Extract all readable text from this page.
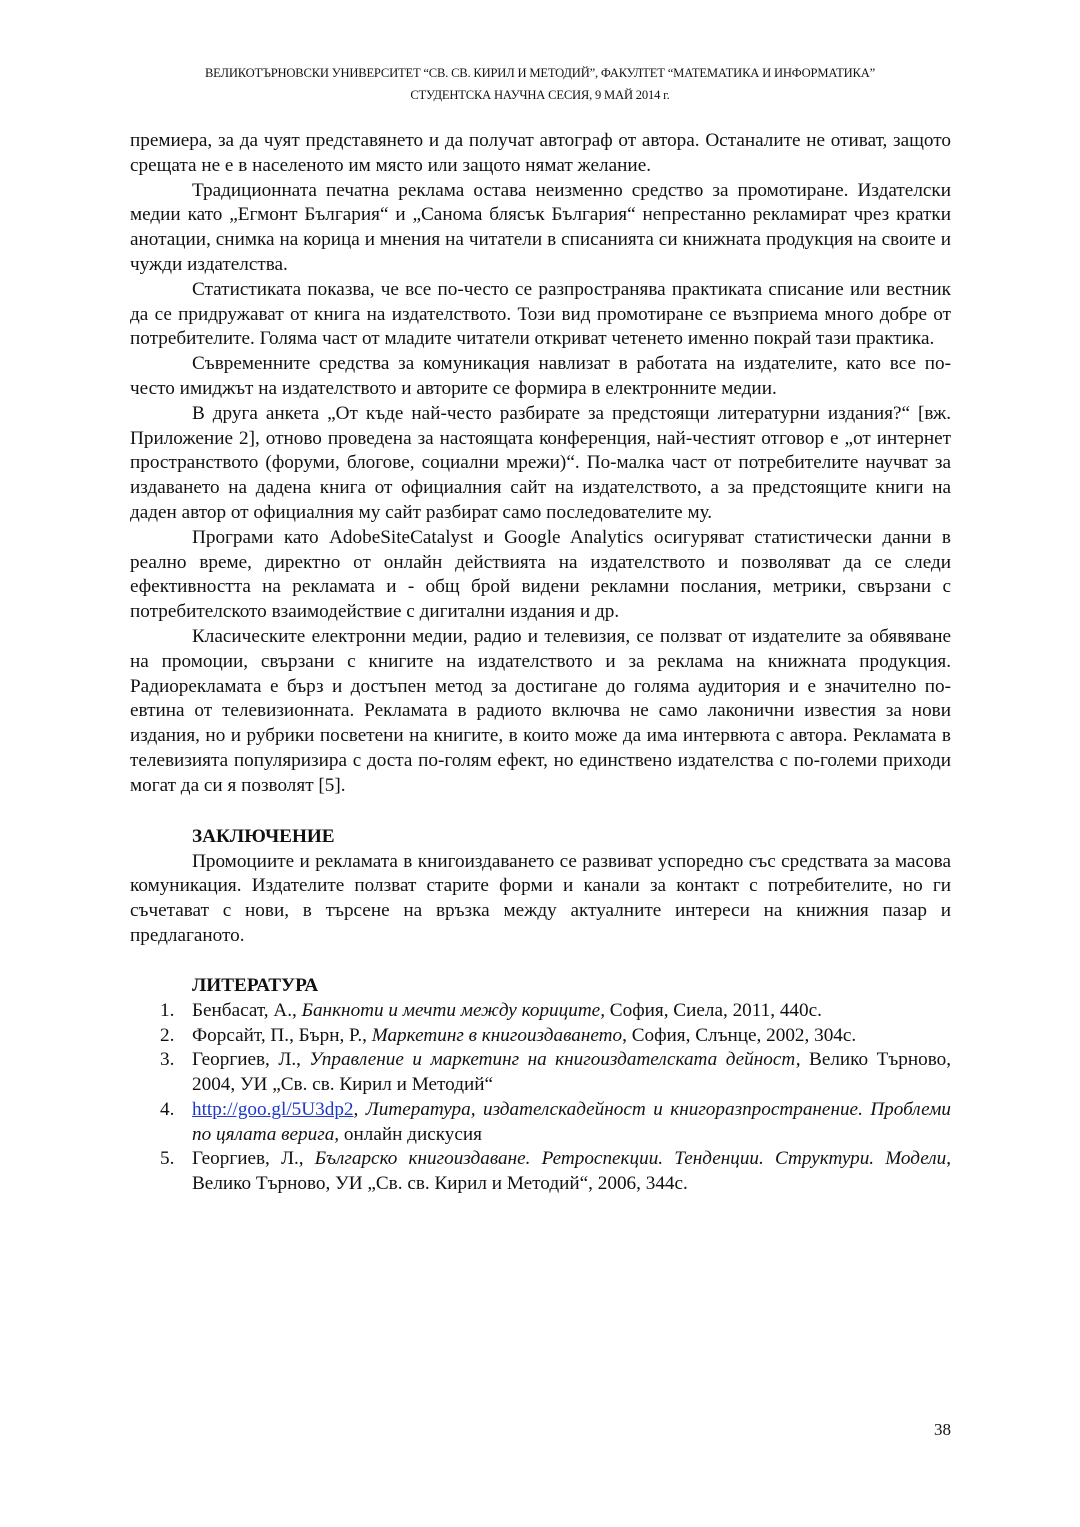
ВЕЛИКОТЪРНОВСКИ УНИВЕРСИТЕТ “СВ. СВ. КИРИЛ И МЕТОДИЙ”, ФАКУЛТЕТ “МАТЕМАТИКА И ИНФОРМАТИКА”
СТУДЕНТСКА НАУЧНА СЕСИЯ, 9 МАЙ 2014 г.

премиера, за да чуят представянето и да получат автограф от автора. Останалите не отиват, защото срещата не е в населеното им място или защото нямат желание.

Традиционната печатна реклама остава неизменно средство за промотиране. Издателски медии като „Егмонт България“ и „Санома блясък България“ непрестанно рекламират чрез кратки анотации, снимка на корица и мнения на читатели в списанията си книжната продукция на своите и чужди издателства.

Статистиката показва, че все по-често се разпространява практиката списание или вестник да се придружават от книга на издателството. Този вид промотиране се възприема много добре от потребителите. Голяма част от младите читатели откриват четенето именно покрай тази практика.

Съвременните средства за комуникация навлизат в работата на издателите, като все по-често имиджът на издателството и авторите се формира в електронните медии.

В друга анкета „От къде най-често разбирате за предстоящи литературни издания?“ [вж. Приложение 2], отново проведена за настоящата конференция, най-честият отговор е „от интернет пространството (форуми, блогове, социални мрежи)“. По-малка част от потребителите научват за издаването на дадена книга от официалния сайт на издателството, а за предстоящите книги на даден автор от официалния му сайт разбират само последователите му.

Програми като AdobeSiteCatalyst и Google Analytics осигуряват статистически данни в реално време, директно от онлайн действията на издателството и позволяват да се следи ефективността на рекламата и - общ брой видени рекламни послания, метрики, свързани с потребителското взаимодействие с дигитални издания и др.

Класическите електронни медии, радио и телевизия, се ползват от издателите за обявяване на промоции, свързани с книгите на издателството и за реклама на книжната продукция. Радиорекламата е бърз и достъпен метод за достигане до голяма аудитория и е значително по-евтина от телевизионната. Рекламата в радиото включва не само лаконични известия за нови издания, но и рубрики посветени на книгите, в които може да има интервюта с автора. Рекламата в телевизията популяризира с доста по-голям ефект, но единствено издателства с по-големи приходи могат да си я позволят [5].

ЗАКЛЮЧЕНИЕ

Промоциите и рекламата в книгоиздаването се развиват успоредно със средствата за масова комуникация. Издателите ползват старите форми и канали за контакт с потребителите, но ги съчетават с нови, в търсене на връзка между актуалните интереси на книжния пазар и предлаганото.

ЛИТЕРАТУРА
1. Бенбасат, А., Банкноти и мечти между кориците, София, Сиела, 2011, 440с.
2. Форсайт, П., Бърн, Р., Маркетинг в книгоиздаването, София, Слънце, 2002, 304с.
3. Георгиев, Л., Управление и маркетинг на книгоиздателската дейност, Велико Търново, 2004, УИ „Св. св. Кирил и Методий“
4. http://goo.gl/5U3dp2, Литература, издателскадейност и книгоразпространение. Проблеми по цялата верига, онлайн дискусия
5. Георгиев, Л., Българско книгоиздаване. Ретроспекции. Тенденции. Структури. Модели, Велико Търново, УИ „Св. св. Кирил и Методий“, 2006, 344с.
38
